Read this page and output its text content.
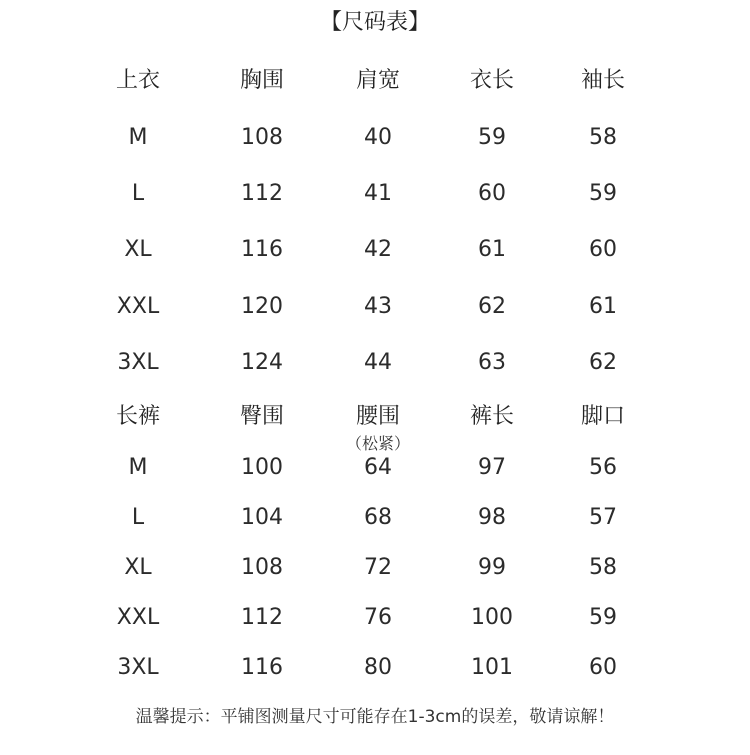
【尺码表】
上衣	胸围	肩宽	衣长	袖长
M	108	40	59	58
L	112	41	60	59
XL	116	42	61	60
XXL	120	43	62	61
3XL	124	44	63	62
长裤	臀围	腰围	裤长	脚口
（松紧）
M	100	64	97	56
L	104	68	98	57
XL	108	72	99	58
XXL	112	76	100	59
3XL	116	80	101	60
温馨提示：平铺图测量尺寸可能存在1-3cm的误差，敬请谅解！
